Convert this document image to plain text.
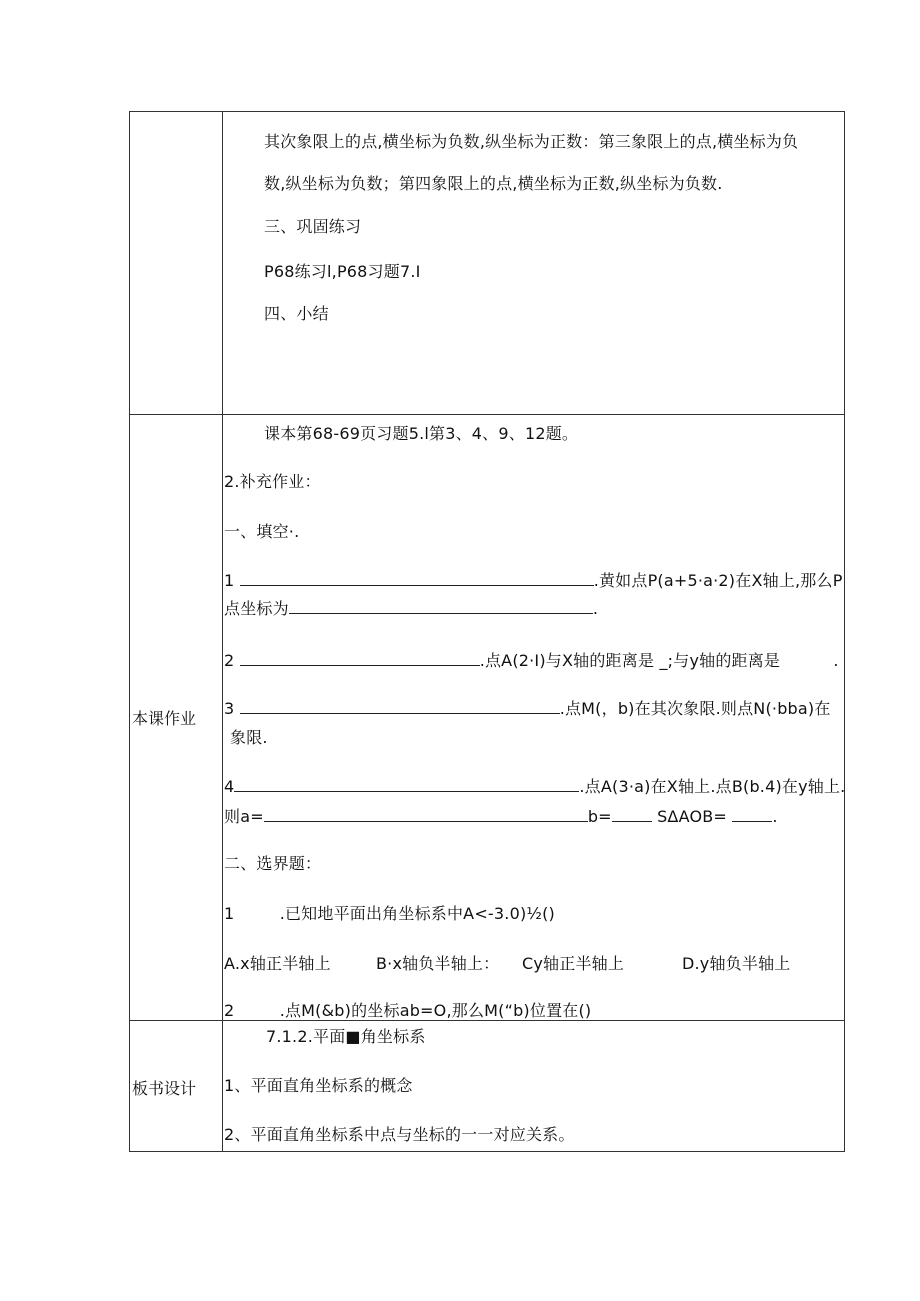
其次象限上的点,横坐标为负数,纵坐标为正数：第三象限上的点,横坐标为负
数,纵坐标为负数；第四象限上的点,横坐标为正数,纵坐标为负数.
三、巩固练习
P68练习l,P68习题7.I
四、小结
本课作业
课本第68-69页习题5.l第3、4、9、12题。
2.补充作业：
一、填空·.
1	.黄如点P(a+5·a·2)在X轴上,那么P
点坐标为	.
2	.点A(2·I)与X轴的距离是 _;与y轴的距离是	.
3	.点M(，b)在其次象限.则点N(·bba)在
象限.
4	.点A(3·a)在X轴上.点B(b.4)在y轴上.
则a=	b=	SΔAOB=	.
二、选界题：
1	.已知地平面出角坐标系中A<-3.0)½()
A.x轴正半轴上	B·x轴负半轴上： Cy轴正半轴上	D.y轴负半轴上
2	.点M(&b)的坐标ab=O,那么M(“b)位置在()
板书设计
7.1.2.平面■角坐标系
1、平面直角坐标系的概念
2、平面直角坐标系中点与坐标的一一对应关系。
